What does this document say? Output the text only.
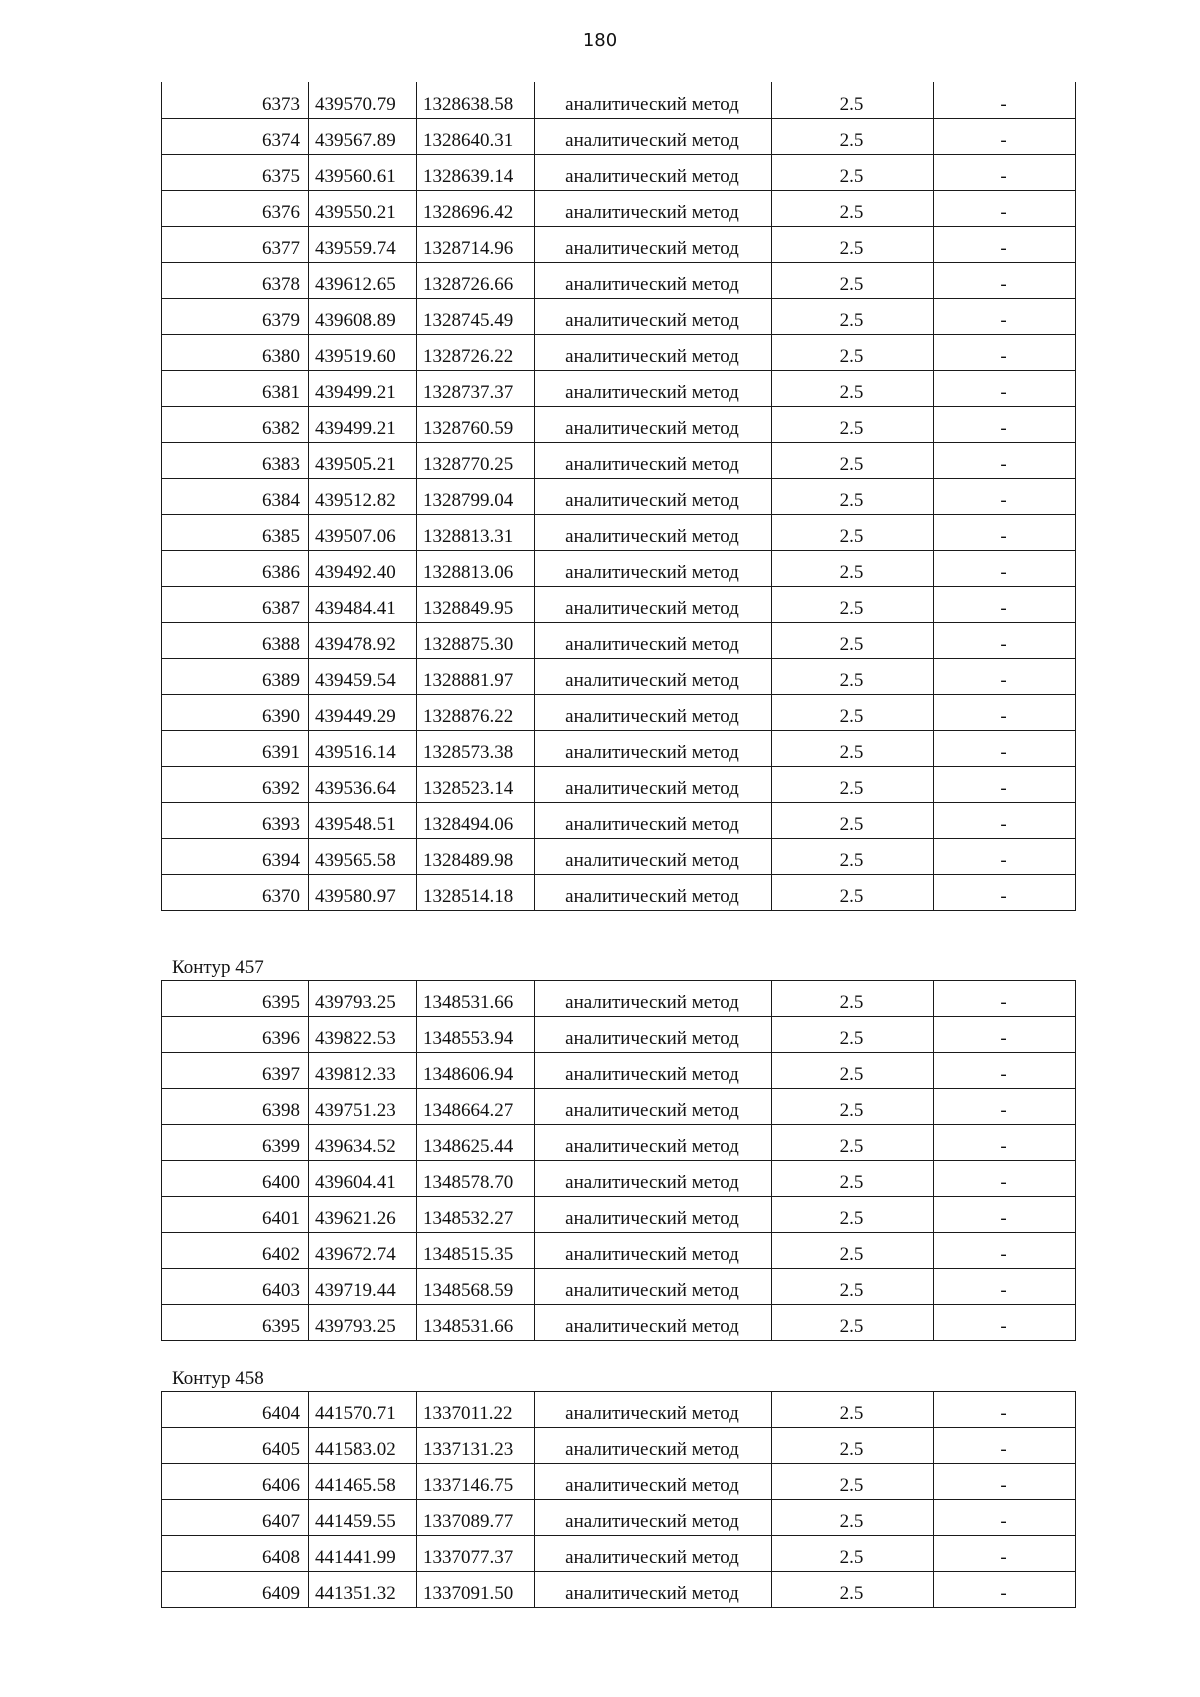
180
6373	439570.79	1328638.58	аналитический метод	2.5	-
6374	439567.89	1328640.31	аналитический метод	2.5	-
6375	439560.61	1328639.14	аналитический метод	2.5	-
6376	439550.21	1328696.42	аналитический метод	2.5	-
6377	439559.74	1328714.96	аналитический метод	2.5	-
6378	439612.65	1328726.66	аналитический метод	2.5	-
6379	439608.89	1328745.49	аналитический метод	2.5	-
6380	439519.60	1328726.22	аналитический метод	2.5	-
6381	439499.21	1328737.37	аналитический метод	2.5	-
6382	439499.21	1328760.59	аналитический метод	2.5	-
6383	439505.21	1328770.25	аналитический метод	2.5	-
6384	439512.82	1328799.04	аналитический метод	2.5	-
6385	439507.06	1328813.31	аналитический метод	2.5	-
6386	439492.40	1328813.06	аналитический метод	2.5	-
6387	439484.41	1328849.95	аналитический метод	2.5	-
6388	439478.92	1328875.30	аналитический метод	2.5	-
6389	439459.54	1328881.97	аналитический метод	2.5	-
6390	439449.29	1328876.22	аналитический метод	2.5	-
6391	439516.14	1328573.38	аналитический метод	2.5	-
6392	439536.64	1328523.14	аналитический метод	2.5	-
6393	439548.51	1328494.06	аналитический метод	2.5	-
6394	439565.58	1328489.98	аналитический метод	2.5	-
6370	439580.97	1328514.18	аналитический метод	2.5	-
Контур 457
6395	439793.25	1348531.66	аналитический метод	2.5	-
6396	439822.53	1348553.94	аналитический метод	2.5	-
6397	439812.33	1348606.94	аналитический метод	2.5	-
6398	439751.23	1348664.27	аналитический метод	2.5	-
6399	439634.52	1348625.44	аналитический метод	2.5	-
6400	439604.41	1348578.70	аналитический метод	2.5	-
6401	439621.26	1348532.27	аналитический метод	2.5	-
6402	439672.74	1348515.35	аналитический метод	2.5	-
6403	439719.44	1348568.59	аналитический метод	2.5	-
6395	439793.25	1348531.66	аналитический метод	2.5	-
Контур 458
6404	441570.71	1337011.22	аналитический метод	2.5	-
6405	441583.02	1337131.23	аналитический метод	2.5	-
6406	441465.58	1337146.75	аналитический метод	2.5	-
6407	441459.55	1337089.77	аналитический метод	2.5	-
6408	441441.99	1337077.37	аналитический метод	2.5	-
6409	441351.32	1337091.50	аналитический метод	2.5	-
